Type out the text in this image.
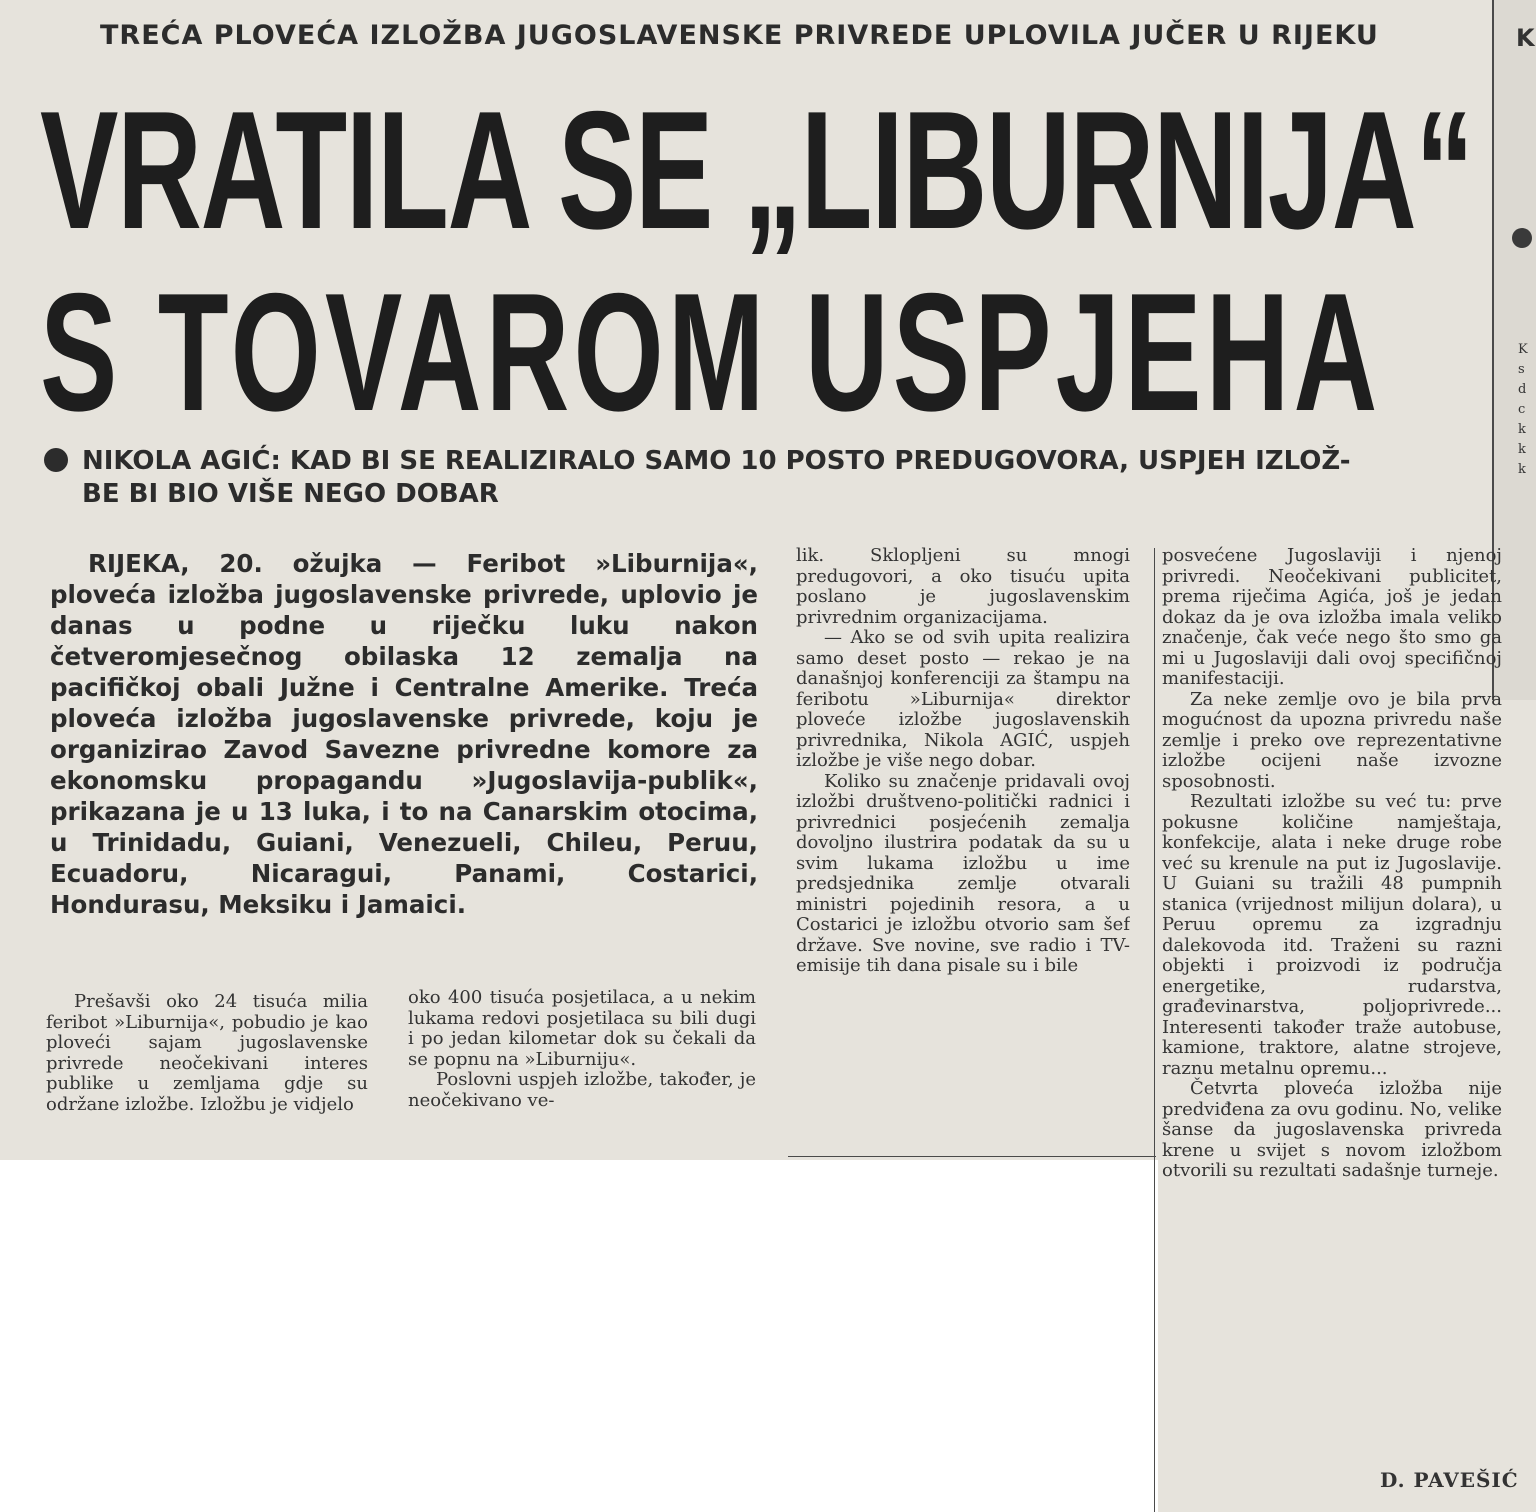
K
K
s
d
c
k
k
k
TREĆA PLOVEĆA IZLOŽBA JUGOSLAVENSKE PRIVREDE UPLOVILA JUČER U RIJEKU
VRATILA SE „LIBURNIJA“
S TOVAROM USPJEHA
NIKOLA AGIĆ: KAD BI SE REALIZIRALO SAMO 10 POSTO PREDUGOVORA, USPJEH IZLOŽ-
BE BI BIO VIŠE NEGO DOBAR
RIJEKA, 20. ožujka — Feribot »Liburnija«, ploveća izložba jugoslavenske privrede, uplovio je danas u podne u riječku luku nakon četveromjesečnog obilaska 12 zemalja na pacifičkoj obali Južne i Centralne Amerike. Treća ploveća izložba jugoslavenske privrede, koju je organizirao Zavod Savezne privredne komore za ekonomsku propagandu »Jugoslavija-publik«, prikazana je u 13 luka, i to na Canarskim otocima, u Trinidadu, Guiani, Venezueli, Chileu, Peruu, Ecuadoru, Nicaragui, Panami, Costarici, Hondurasu, Meksiku i Jamaici.

Prešavši oko 24 tisuća milia feribot »Liburnija«, pobudio je kao ploveći sajam jugoslavenske privrede neočekivani interes publike u zemljama gdje su održane izložbe. Izložbu je vidjelo

oko 400 tisuća posjetilaca, a u nekim lukama redovi posjetilaca su bili dugi i po jedan kilometar dok su čekali da se popnu na »Liburniju«.

Poslovni uspjeh izložbe, također, je neočekivano ve-

lik. Sklopljeni su mnogi predugovori, a oko tisuću upita poslano je jugoslavenskim privrednim organizacijama.

— Ako se od svih upita realizira samo deset posto — rekao je na današnjoj konferenciji za štampu na feribotu »Liburnija« direktor ploveće izložbe jugoslavenskih privrednika, Nikola AGIĆ, uspjeh izložbe je više nego dobar.

Koliko su značenje pridavali ovoj izložbi društveno-politički radnici i privrednici posjećenih zemalja dovoljno ilustrira podatak da su u svim lukama izložbu u ime predsjednika zemlje otvarali ministri pojedinih resora, a u Costarici je izložbu otvorio sam šef države. Sve novine, sve radio i TV-emisije tih dana pisale su i bile

posvećene Jugoslaviji i njenoj privredi. Neočekivani publicitet, prema riječima Agića, još je jedan dokaz da je ova izložba imala veliko značenje, čak veće nego što smo ga mi u Jugoslaviji dali ovoj specifičnoj manifestaciji.

Za neke zemlje ovo je bila prva mogućnost da upozna privredu naše zemlje i preko ove reprezentativne izložbe ocijeni naše izvozne sposobnosti.

Rezultati izložbe su već tu: prve pokusne količine namještaja, konfekcije, alata i neke druge robe već su krenule na put iz Jugoslavije. U Guiani su tražili 48 pumpnih stanica (vrijednost milijun dolara), u Peruu opremu za izgradnju dalekovoda itd. Traženi su razni objekti i proizvodi iz područja energetike, rudarstva, građevinarstva, poljoprivrede... Interesenti također traže autobuse, kamione, traktore, alatne strojeve, raznu metalnu opremu...

Četvrta ploveća izložba nije predviđena za ovu godinu. No, velike šanse da jugoslavenska privreda krene u svijet s novom izložbom otvorili su rezultati sadašnje turneje.

D. PAVEŠIĆ
